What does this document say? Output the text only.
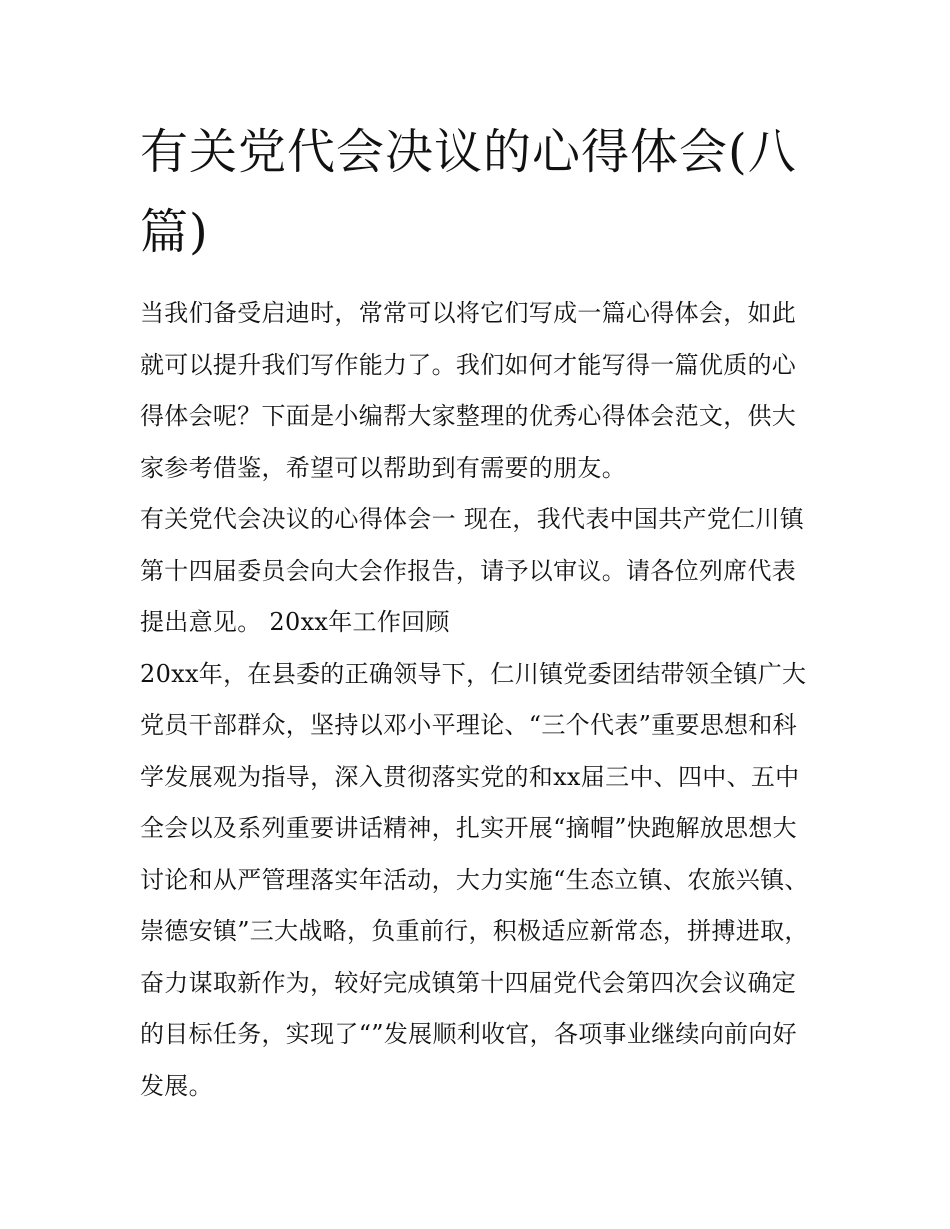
有关党代会决议的心得体会(八篇)

当我们备受启迪时，常常可以将它们写成一篇心得体会，如此就可以提升我们写作能力了。我们如何才能写得一篇优质的心得体会呢？下面是小编帮大家整理的优秀心得体会范文，供大家参考借鉴，希望可以帮助到有需要的朋友。

有关党代会决议的心得体会一 现在，我代表中国共产党仁川镇第十四届委员会向大会作报告，请予以审议。请各位列席代表提出意见。 20xx年工作回顾

20xx年，在县委的正确领导下，仁川镇党委团结带领全镇广大党员干部群众，坚持以邓小平理论、“三个代表”重要思想和科学发展观为指导，深入贯彻落实党的和xx届三中、四中、五中全会以及系列重要讲话精神，扎实开展“摘帽”快跑解放思想大讨论和从严管理落实年活动，大力实施“生态立镇、农旅兴镇、崇德安镇”三大战略，负重前行，积极适应新常态，拼搏进取，奋力谋取新作为，较好完成镇第十四届党代会第四次会议确定的目标任务，实现了“”发展顺利收官，各项事业继续向前向好发展。
